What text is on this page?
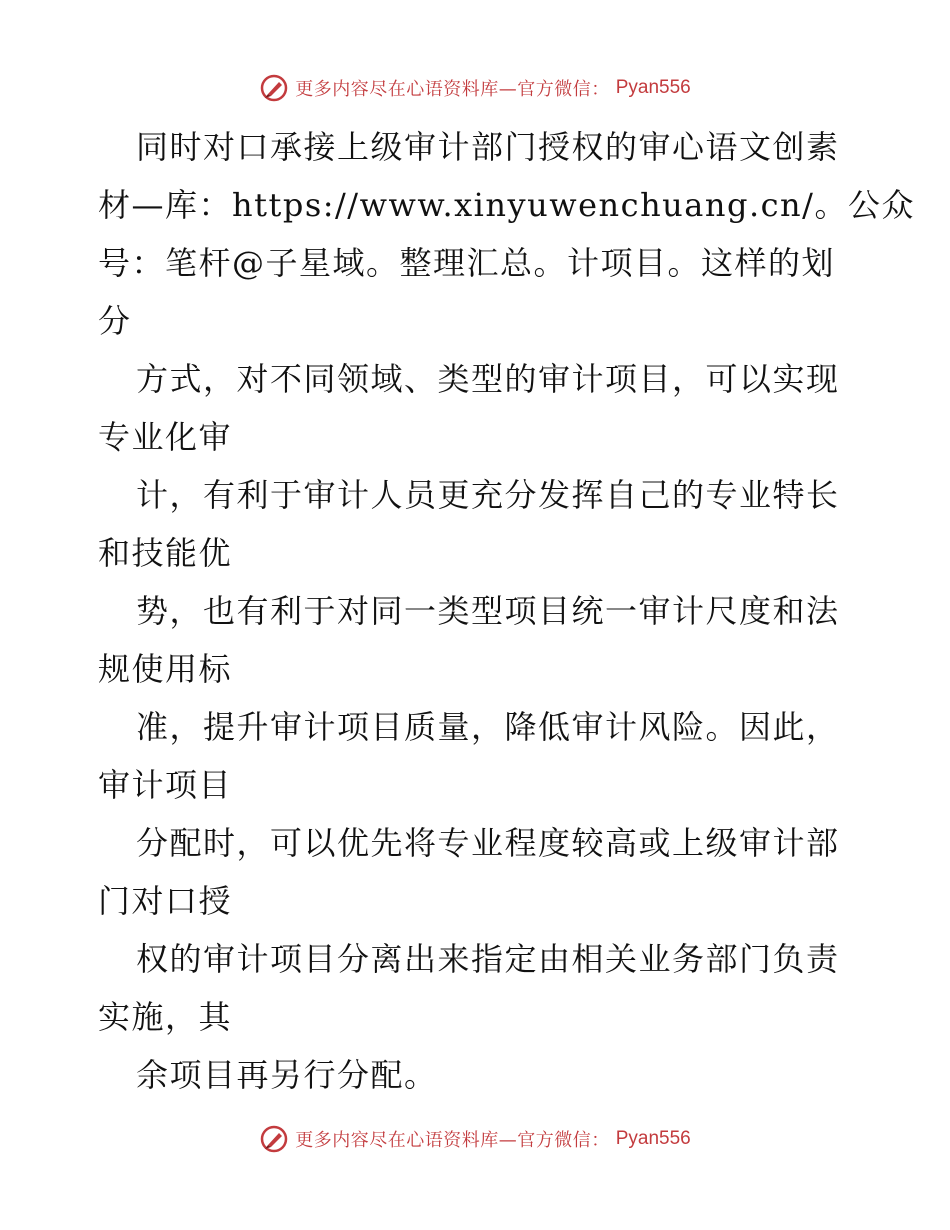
更多内容尽在心语资料库—官方微信： Pyan556
同时对口承接上级审计部门授权的审心语文创素
材—库：https://www.xinyuwenchuang.cn/。公众
号：笔杆@子星域。整理汇总。计项目。这样的划
分
方式，对不同领域、类型的审计项目，可以实现
专业化审
计，有利于审计人员更充分发挥自己的专业特长
和技能优
势，也有利于对同一类型项目统一审计尺度和法
规使用标
准，提升审计项目质量，降低审计风险。因此，
审计项目
分配时，可以优先将专业程度较高或上级审计部
门对口授
权的审计项目分离出来指定由相关业务部门负责
实施，其
余项目再另行分配。
更多内容尽在心语资料库—官方微信： Pyan556
